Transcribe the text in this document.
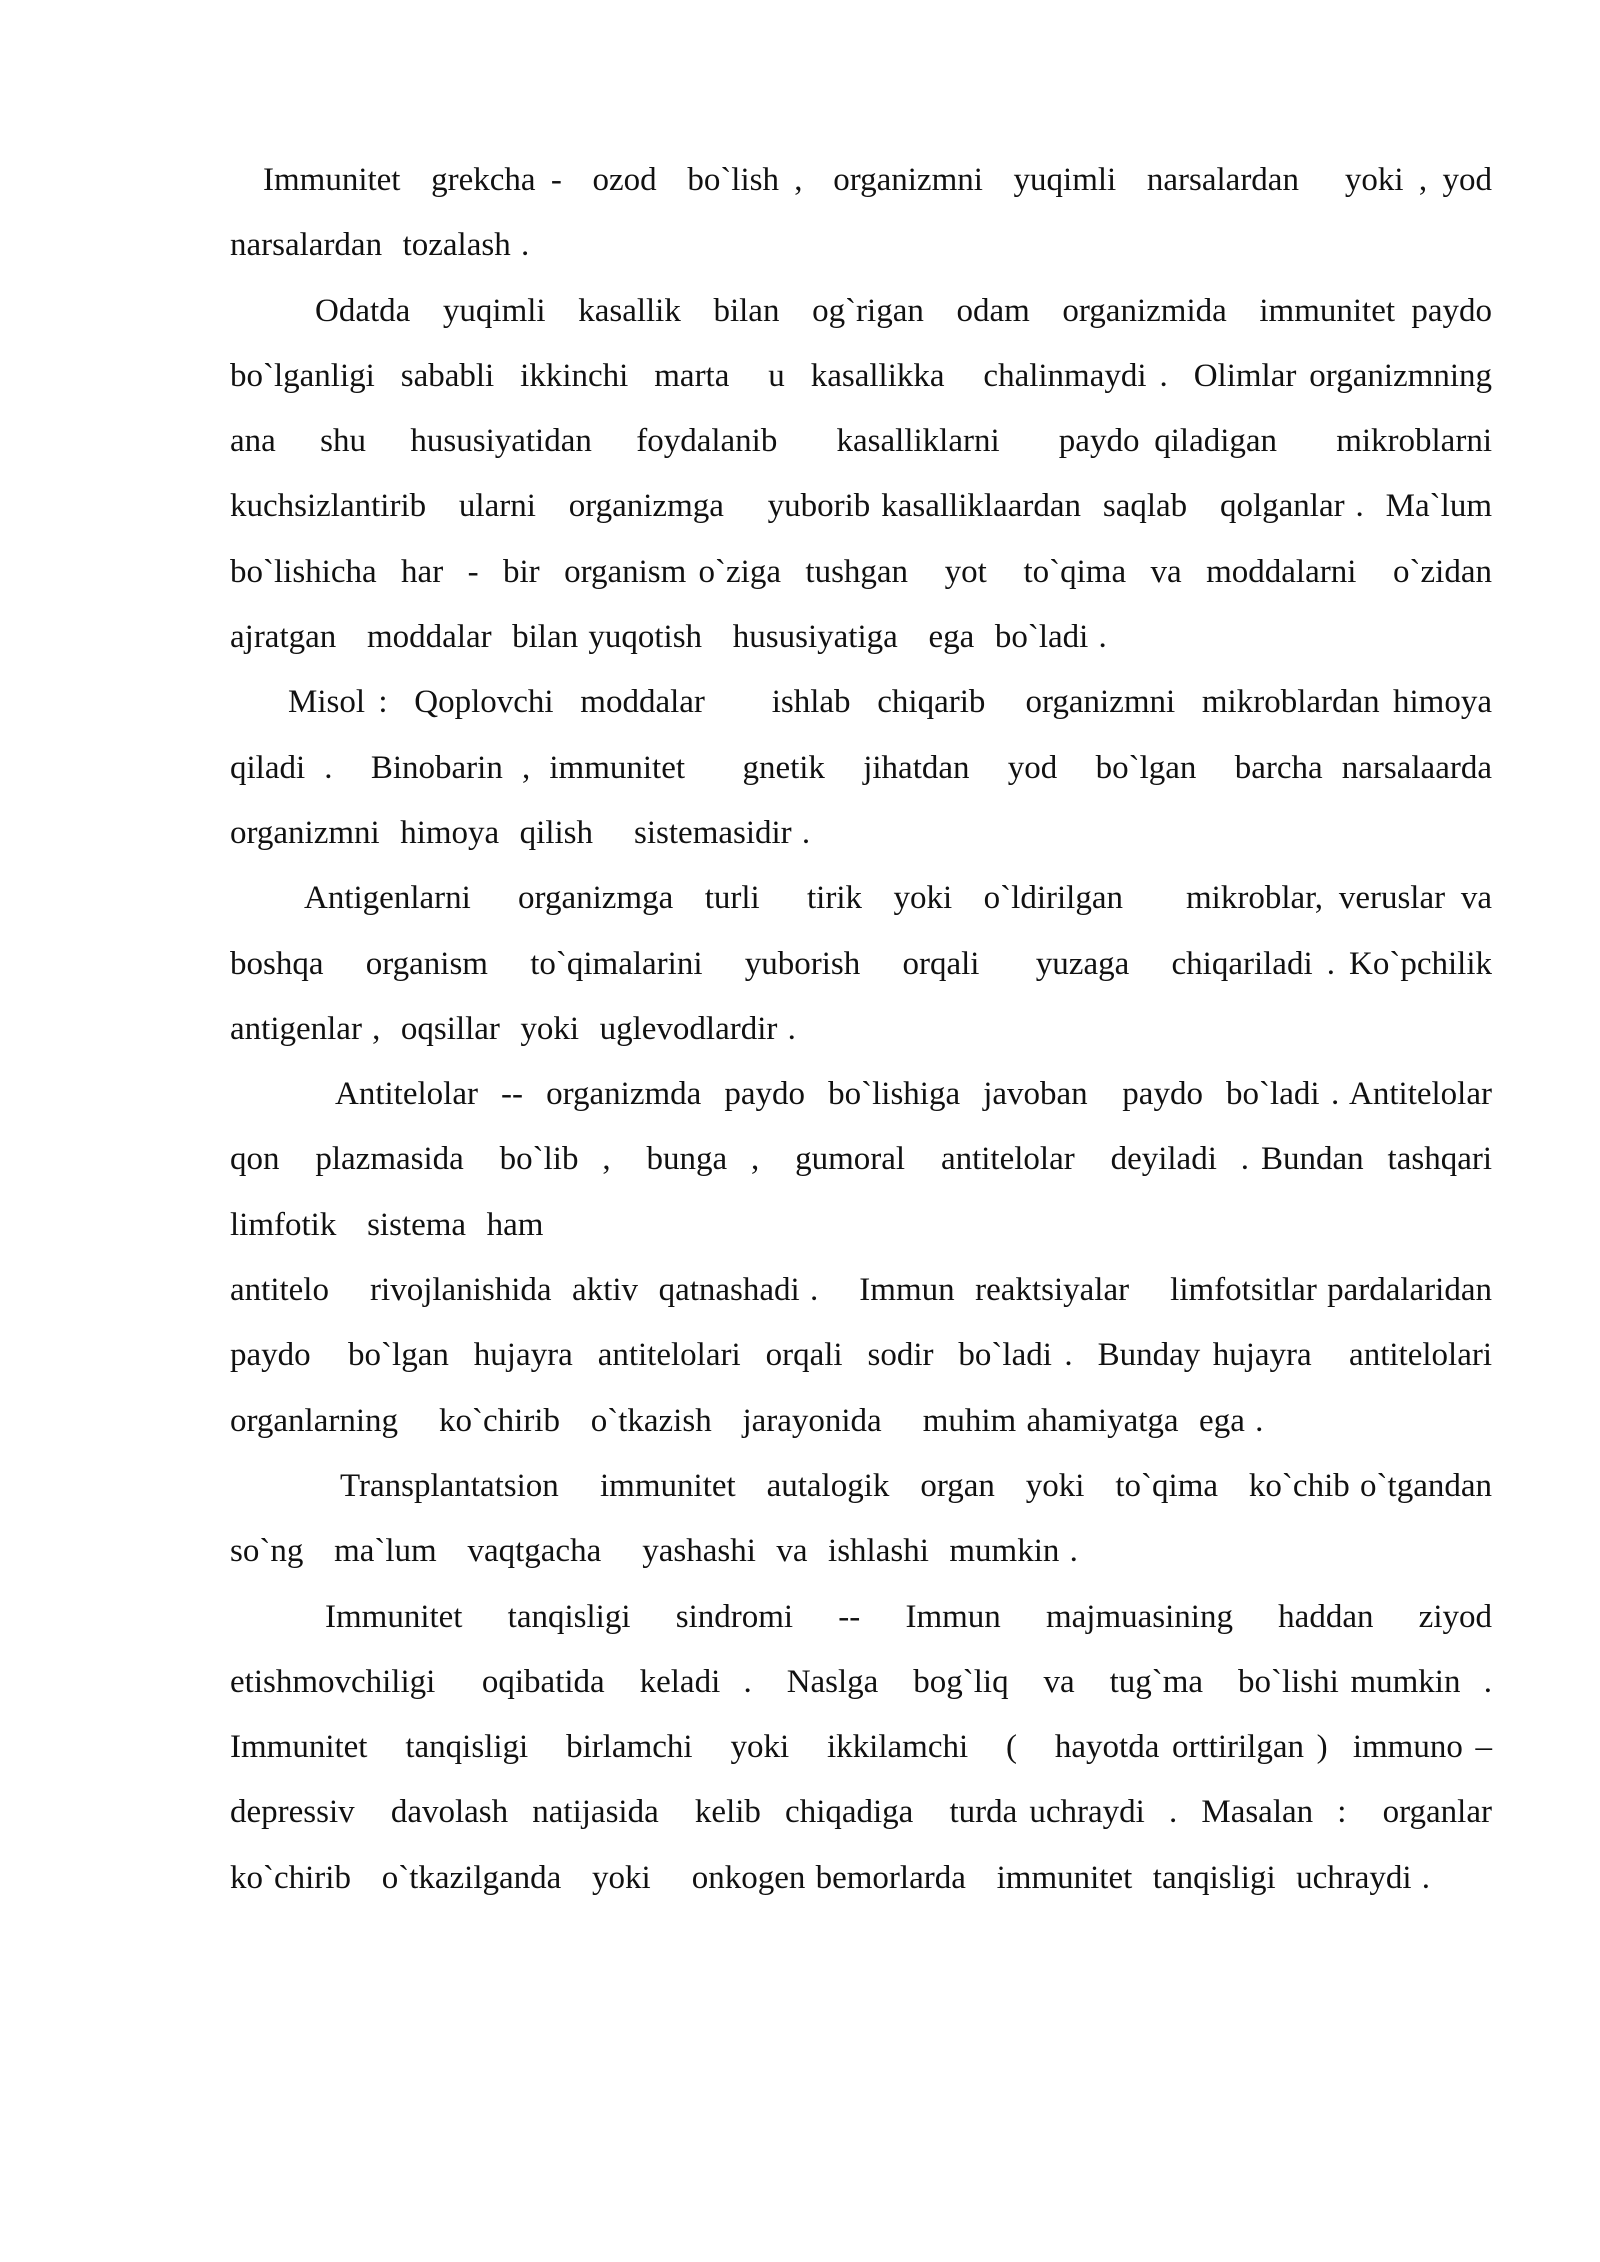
Immunitet  grekcha -  ozod  bo`lish ,  organizmni  yuqimli  narsalardan   yoki , yod  narsalardan  tozalash .

Odatda  yuqimli  kasallik  bilan  og`rigan  odam  organizmida  immunitet paydo  bo`lganligi  sababli  ikkinchi  marta   u  kasallikka   chalinmaydi .  Olimlar organizmning   ana   shu   hususiyatidan   foydalanib    kasalliklarni    paydo qiladigan    mikroblarni    kuchsizlantirib   ularni   organizmga    yuborib kasalliklaardan  saqlab   qolganlar .  Ma`lum  bo`lishicha  har  -  bir  organism o`ziga  tushgan   yot   to`qima  va  moddalarni   o`zidan  ajratgan   moddalar  bilan yuqotish   hususiyatiga   ega  bo`ladi .

Misol :  Qoplovchi  moddalar     ishlab  chiqarib   organizmni  mikroblardan himoya  qiladi .  Binobarin , immunitet   gnetik  jihatdan  yod  bo`lgan  barcha narsalaarda   organizmni  himoya  qilish    sistemasidir .

Antigenlarni   organizmga  turli   tirik  yoki  o`ldirilgan    mikroblar, veruslar va   boshqa   organism   to`qimalarini   yuborish   orqali    yuzaga   chiqariladi . Ko`pchilik   antigenlar ,  oqsillar  yoki  uglevodlardir .

Antitelolar  --  organizmda  paydo  bo`lishiga  javoban   paydo  bo`ladi . Antitelolar   qon   plazmasida   bo`lib  ,   bunga  ,   gumoral   antitelolar   deyiladi  . Bundan  tashqari    limfotik   sistema  ham

antitelo    rivojlanishida  aktiv  qatnashadi .    Immun  reaktsiyalar    limfotsitlar pardalaridan  paydo   bo`lgan  hujayra  antitelolari  orqali  sodir  bo`ladi .  Bunday hujayra   antitelolari   organlarning    ko`chirib   o`tkazish   jarayonida    muhim ahamiyatga  ega .

Transplantatsion    immunitet   autalogik   organ   yoki   to`qima   ko`chib o`tgandan  so`ng   ma`lum   vaqtgacha    yashashi  va  ishlashi  mumkin .

Immunitet  tanqisligi  sindromi  --  Immun  majmuasining  haddan  ziyod etishmovchiligi    oqibatida   keladi  .   Naslga   bog`liq   va   tug`ma   bo`lishi mumkin  .   Immunitet   tanqisligi   birlamchi   yoki   ikkilamchi   (   hayotda orttirilgan )  immuno – depressiv   davolash  natijasida   kelib  chiqadiga   turda uchraydi  .  Masalan  :   organlar    ko`chirib   o`tkazilganda   yoki    onkogen bemorlarda   immunitet  tanqisligi  uchraydi .
